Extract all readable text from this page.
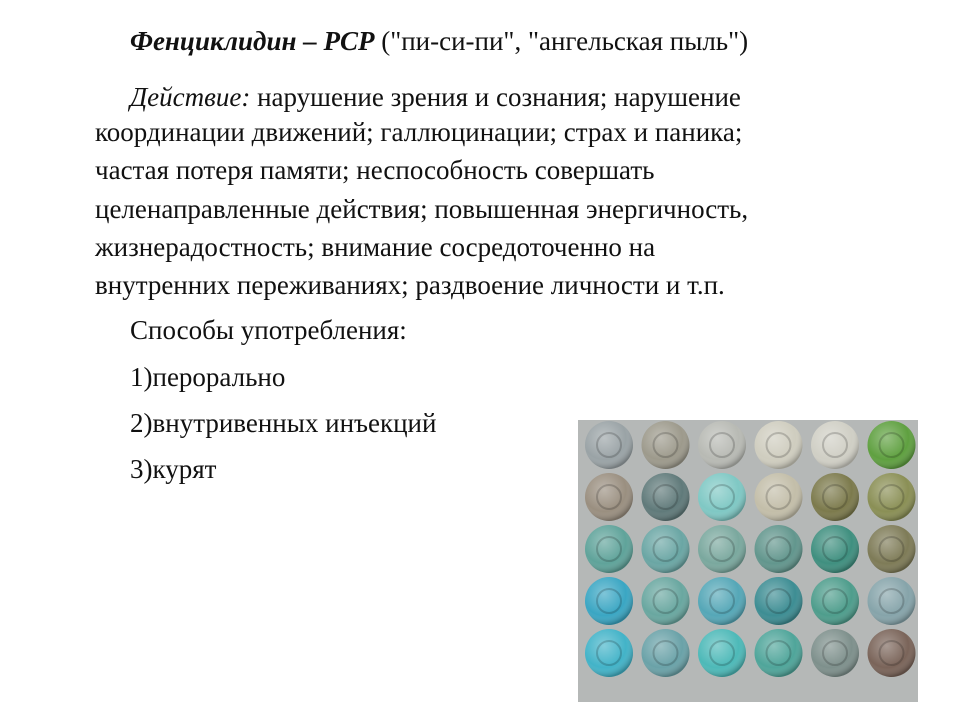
Фенциклидин – PCP ("пи-си-пи", "ангельская пыль")
Действие: нарушение зрения и сознания; нарушение
координации движений; галлюцинации; страх и паника;
частая потеря памяти; неспособность совершать
целенаправленные действия; повышенная энергичность,
жизнерадостность; внимание сосредоточенно на
внутренних переживаниях; раздвоение личности и т.п.
Способы употребления:
1)перорально
2)внутривенных инъекций
3)курят
